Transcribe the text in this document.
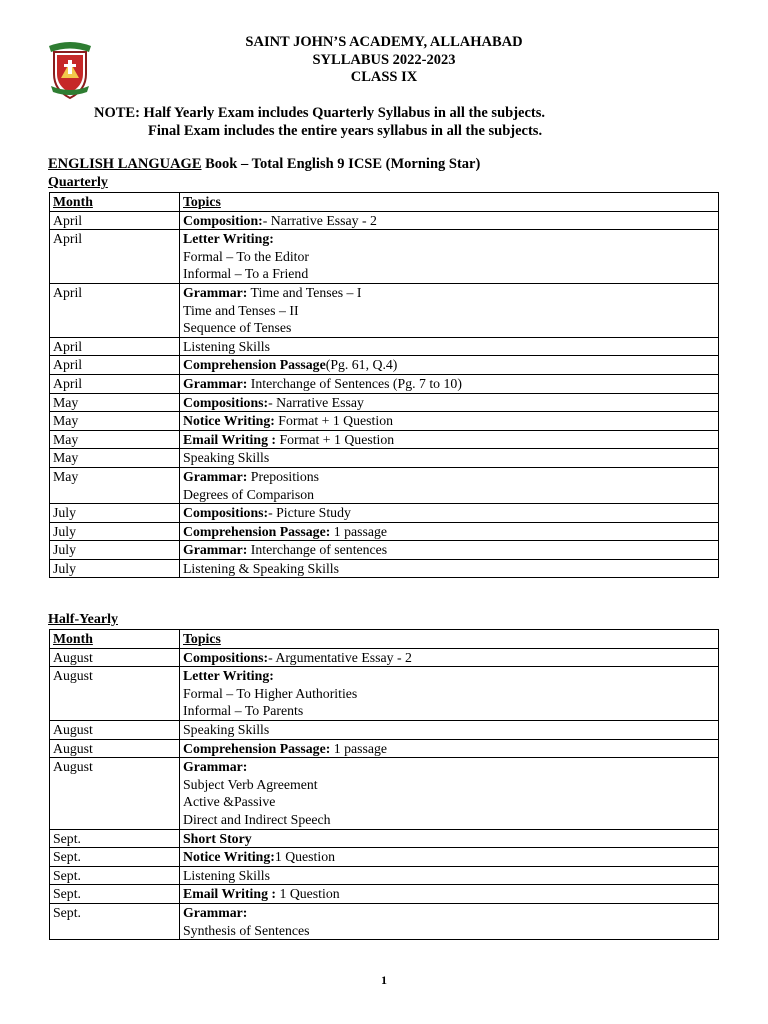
SAINT JOHN’S ACADEMY, ALLAHABAD
SYLLABUS 2022-2023
CLASS IX
NOTE: Half Yearly Exam includes Quarterly Syllabus in all the subjects.
Final Exam includes the entire years syllabus in all the subjects.
ENGLISH LANGUAGE Book – Total English 9 ICSE (Morning Star)
Quarterly
Month	Topics
April	Composition:- Narrative Essay - 2

April	Letter Writing:
Formal – To the Editor
Informal – To a Friend

April	Grammar: Time and Tenses – I
Time and Tenses – II
Sequence of Tenses

April	Listening Skills

April	Comprehension Passage(Pg. 61, Q.4)

April	Grammar: Interchange of Sentences (Pg. 7 to 10)

May	Compositions:- Narrative Essay

May	Notice Writing: Format + 1 Question

May	Email Writing : Format + 1 Question

May	Speaking Skills

May	Grammar: Prepositions
Degrees of Comparison

July	Compositions:- Picture Study

July	Comprehension Passage: 1 passage

July	Grammar: Interchange of sentences

July	Listening & Speaking Skills
Half-Yearly
Month	Topics
August	Compositions:- Argumentative Essay - 2

August	Letter Writing:
Formal – To Higher Authorities
Informal – To Parents

August	Speaking Skills

August	Comprehension Passage: 1 passage

August	Grammar:
Subject Verb Agreement
Active &Passive
Direct and Indirect Speech

Sept.	Short Story

Sept.	Notice Writing:1 Question

Sept.	Listening Skills

Sept.	Email Writing : 1 Question

Sept.	Grammar:
Synthesis of Sentences
1
